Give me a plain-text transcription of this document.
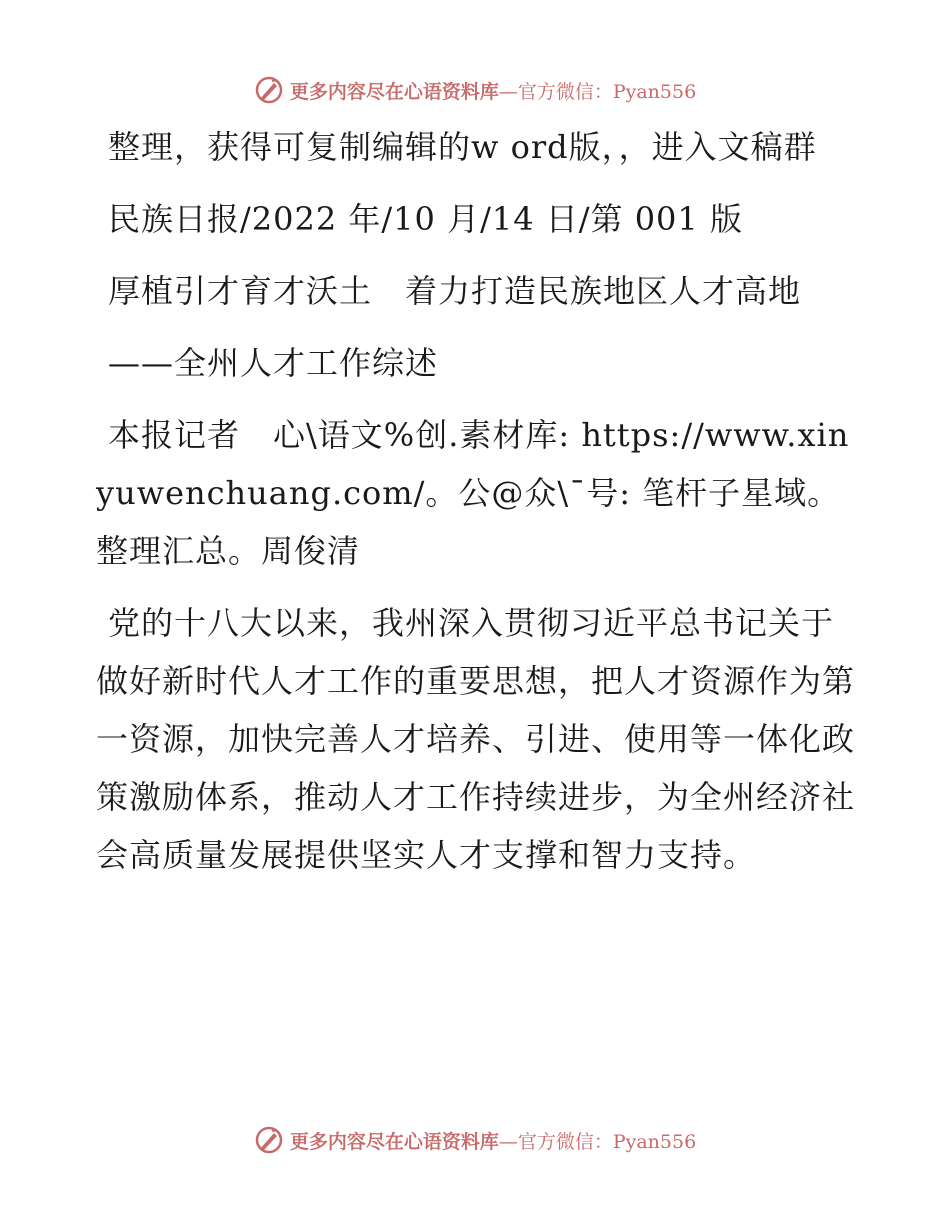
更多内容尽在心语资料库—官方微信：Pyan556

整理，获得可复制编辑的w ord版，，进入文稿群

民族日报/2022 年/10 月/14 日/第 001 版

厚植引才育才沃土　着力打造民族地区人才高地

——全州人才工作综述

本报记者　心\语文%创.素材库: https://www.xinyuwenchuang.com/。公@众\¯号: 笔杆子星域。整理汇总。周俊清

党的十八大以来，我州深入贯彻习近平总书记关于做好新时代人才工作的重要思想，把人才资源作为第一资源，加快完善人才培养、引进、使用等一体化政策激励体系，推动人才工作持续进步，为全州经济社会高质量发展提供坚实人才支撑和智力支持。

更多内容尽在心语资料库—官方微信：Pyan556
